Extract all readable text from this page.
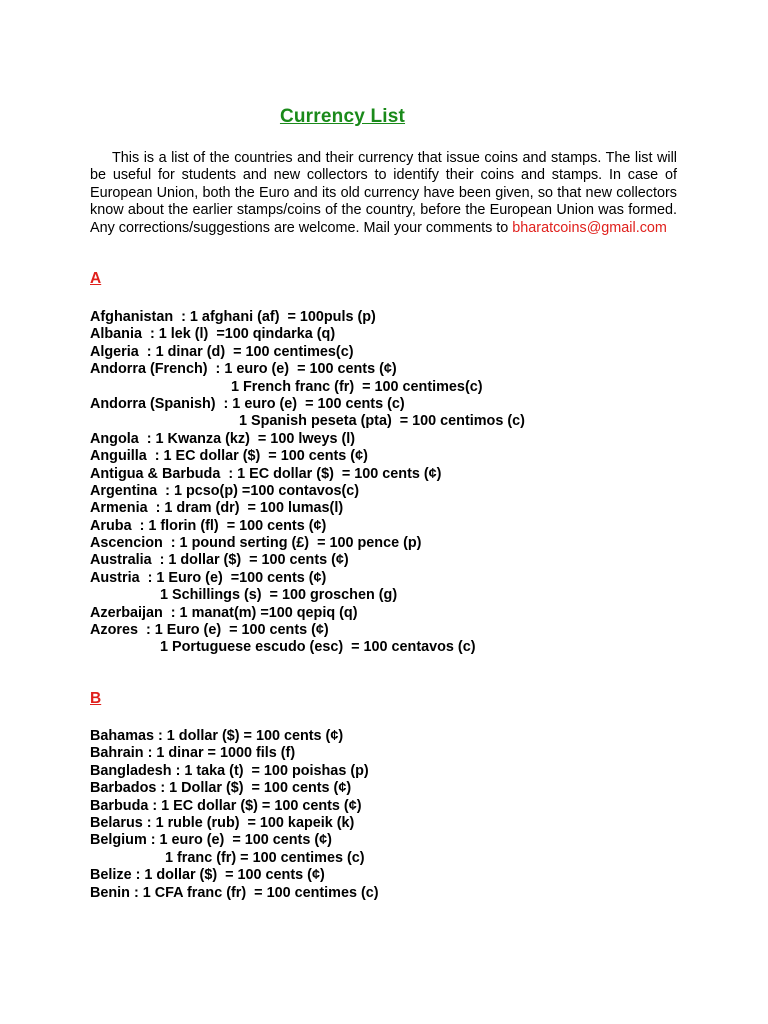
Currency List

This is a list of the countries and their currency that issue coins and stamps. The list will be useful for students and new collectors to identify their coins and stamps. In case of European Union, both the Euro and its old currency have been given, so that new collectors know about the earlier stamps/coins of the country, before the European Union was formed. Any corrections/suggestions are welcome. Mail your comments to bharatcoins@gmail.com

A
Afghanistan  : 1 afghani (af)  = 100puls (p)
Albania  : 1 lek (l)  =100 qindarka (q)
Algeria  : 1 dinar (d)  = 100 centimes(c)
Andorra (French)  : 1 euro (e)  = 100 cents (¢)
1 French franc (fr)  = 100 centimes(c)
Andorra (Spanish)  : 1 euro (e)  = 100 cents (c)
1 Spanish peseta (pta)  = 100 centimos (c)
Angola  : 1 Kwanza (kz)  = 100 lweys (l)
Anguilla  : 1 EC dollar ($)  = 100 cents (¢)
Antigua & Barbuda  : 1 EC dollar ($)  = 100 cents (¢)
Argentina  : 1 pcso(p) =100 contavos(c)
Armenia  : 1 dram (dr)  = 100 lumas(l)
Aruba  : 1 florin (fl)  = 100 cents (¢)
Ascencion  : 1 pound serting (£)  = 100 pence (p)
Australia  : 1 dollar ($)  = 100 cents (¢)
Austria  : 1 Euro (e)  =100 cents (¢)
1 Schillings (s)  = 100 groschen (g)
Azerbaijan  : 1 manat(m) =100 qepiq (q)
Azores  : 1 Euro (e)  = 100 cents (¢)
1 Portuguese escudo (esc)  = 100 centavos (c)
B
Bahamas : 1 dollar ($) = 100 cents (¢)
Bahrain : 1 dinar = 1000 fils (f)
Bangladesh : 1 taka (t)  = 100 poishas (p)
Barbados : 1 Dollar ($)  = 100 cents (¢)
Barbuda : 1 EC dollar ($) = 100 cents (¢)
Belarus : 1 ruble (rub)  = 100 kapeik (k)
Belgium : 1 euro (e)  = 100 cents (¢)
1 franc (fr) = 100 centimes (c)
Belize : 1 dollar ($)  = 100 cents (¢)
Benin : 1 CFA franc (fr)  = 100 centimes (c)
